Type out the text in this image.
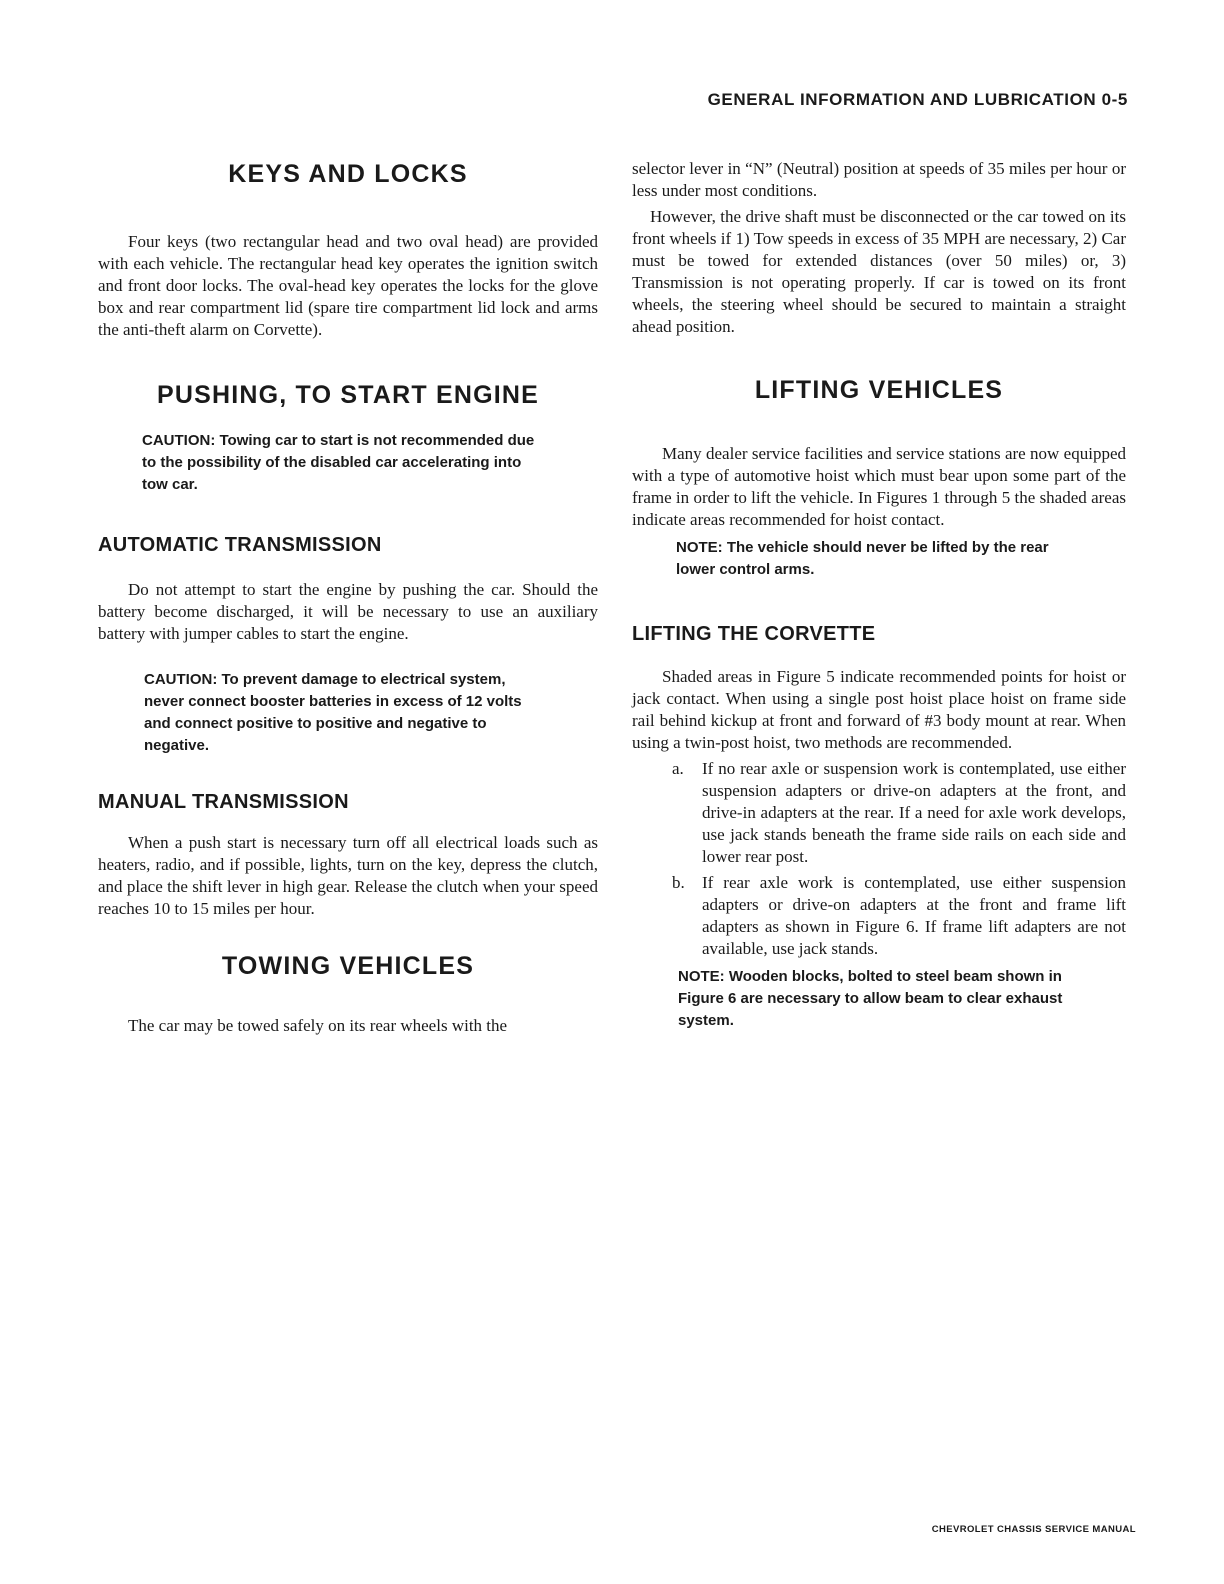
GENERAL INFORMATION AND LUBRICATION 0-5
KEYS AND LOCKS

Four keys (two rectangular head and two oval head) are provided with each vehicle. The rectangular head key operates the ignition switch and front door locks. The oval-head key operates the locks for the glove box and rear compartment lid (spare tire compartment lid lock and arms the anti-theft alarm on Corvette).

PUSHING, TO START ENGINE
CAUTION: Towing car to start is not recommended due to the possibility of the disabled car accelerating into tow car.
AUTOMATIC TRANSMISSION

Do not attempt to start the engine by pushing the car. Should the battery become discharged, it will be necessary to use an auxiliary battery with jumper cables to start the engine.

CAUTION: To prevent damage to electrical system, never connect booster batteries in excess of 12 volts and connect positive to positive and negative to negative.
MANUAL TRANSMISSION

When a push start is necessary turn off all electrical loads such as heaters, radio, and if possible, lights, turn on the key, depress the clutch, and place the shift lever in high gear. Release the clutch when your speed reaches 10 to 15 miles per hour.

TOWING VEHICLES

The car may be towed safely on its rear wheels with the

selector lever in “N” (Neutral) position at speeds of 35 miles per hour or less under most conditions.

However, the drive shaft must be disconnected or the car towed on its front wheels if 1) Tow speeds in excess of 35 MPH are necessary, 2) Car must be towed for extended distances (over 50 miles) or, 3) Transmission is not operating properly. If car is towed on its front wheels, the steering wheel should be secured to maintain a straight ahead position.

LIFTING VEHICLES

Many dealer service facilities and service stations are now equipped with a type of automotive hoist which must bear upon some part of the frame in order to lift the vehicle. In Figures 1 through 5 the shaded areas indicate areas recommended for hoist contact.

NOTE: The vehicle should never be lifted by the rear lower control arms.
LIFTING THE CORVETTE

Shaded areas in Figure 5 indicate recommended points for hoist or jack contact. When using a single post hoist place hoist on frame side rail behind kickup at front and forward of #3 body mount at rear. When using a twin-post hoist, two methods are recommended.

a.	If no rear axle or suspension work is contemplated, use either suspension adapters or drive-on adapters at the front, and drive-in adapters at the rear. If a need for axle work develops, use jack stands beneath the frame side rails on each side and lower rear post.
b.	If rear axle work is contemplated, use either suspension adapters or drive-on adapters at the front and frame lift adapters as shown in Figure 6. If frame lift adapters are not available, use jack stands.
NOTE: Wooden blocks, bolted to steel beam shown in Figure 6 are necessary to allow beam to clear exhaust system.
CHEVROLET CHASSIS SERVICE MANUAL
